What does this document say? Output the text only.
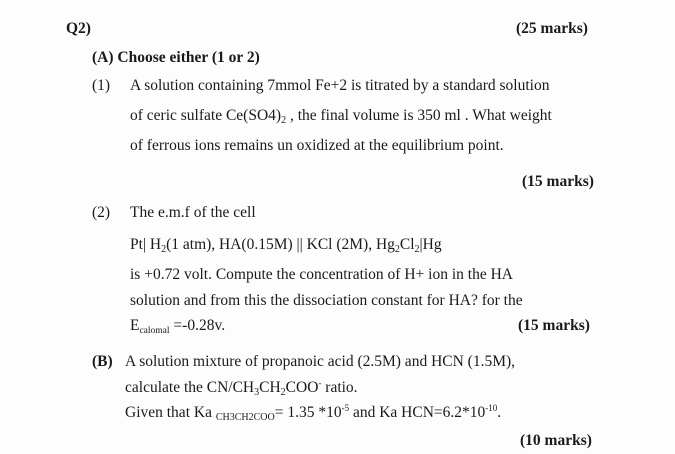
Q2)	(25 marks)
(A) Choose either (1 or 2)
(1) A solution containing 7mmol Fe+2 is titrated by a standard solution
of ceric sulfate $Ce(SO4)_2$ , the final volume is 350 ml . What weight
of ferrous ions remains un oxidized at the equilibrium point.
(15 marks)
(2) The e.m.f of the cell
Pt| $H_2(1$ atm), HA(0.15M) || KCl (2M), $Hg_2Cl_2|Hg$
is +0.72 volt. Compute the concentration of H+ ion in the HA
solution and from this the dissociation constant for HA? for the
Ecalomal =-0.28v.	(15 marks)
(B) A solution mixture of propanoic acid (2.5M) and HCN (1.5M),
calculate the $CN/CH_3CH_2COO^-$ ratio.
Given that Ka CH3CH2COO= 1.35 $*10^{-5}$ and Ka $HCN=6.2*10^{-10}$.
(10 marks)
